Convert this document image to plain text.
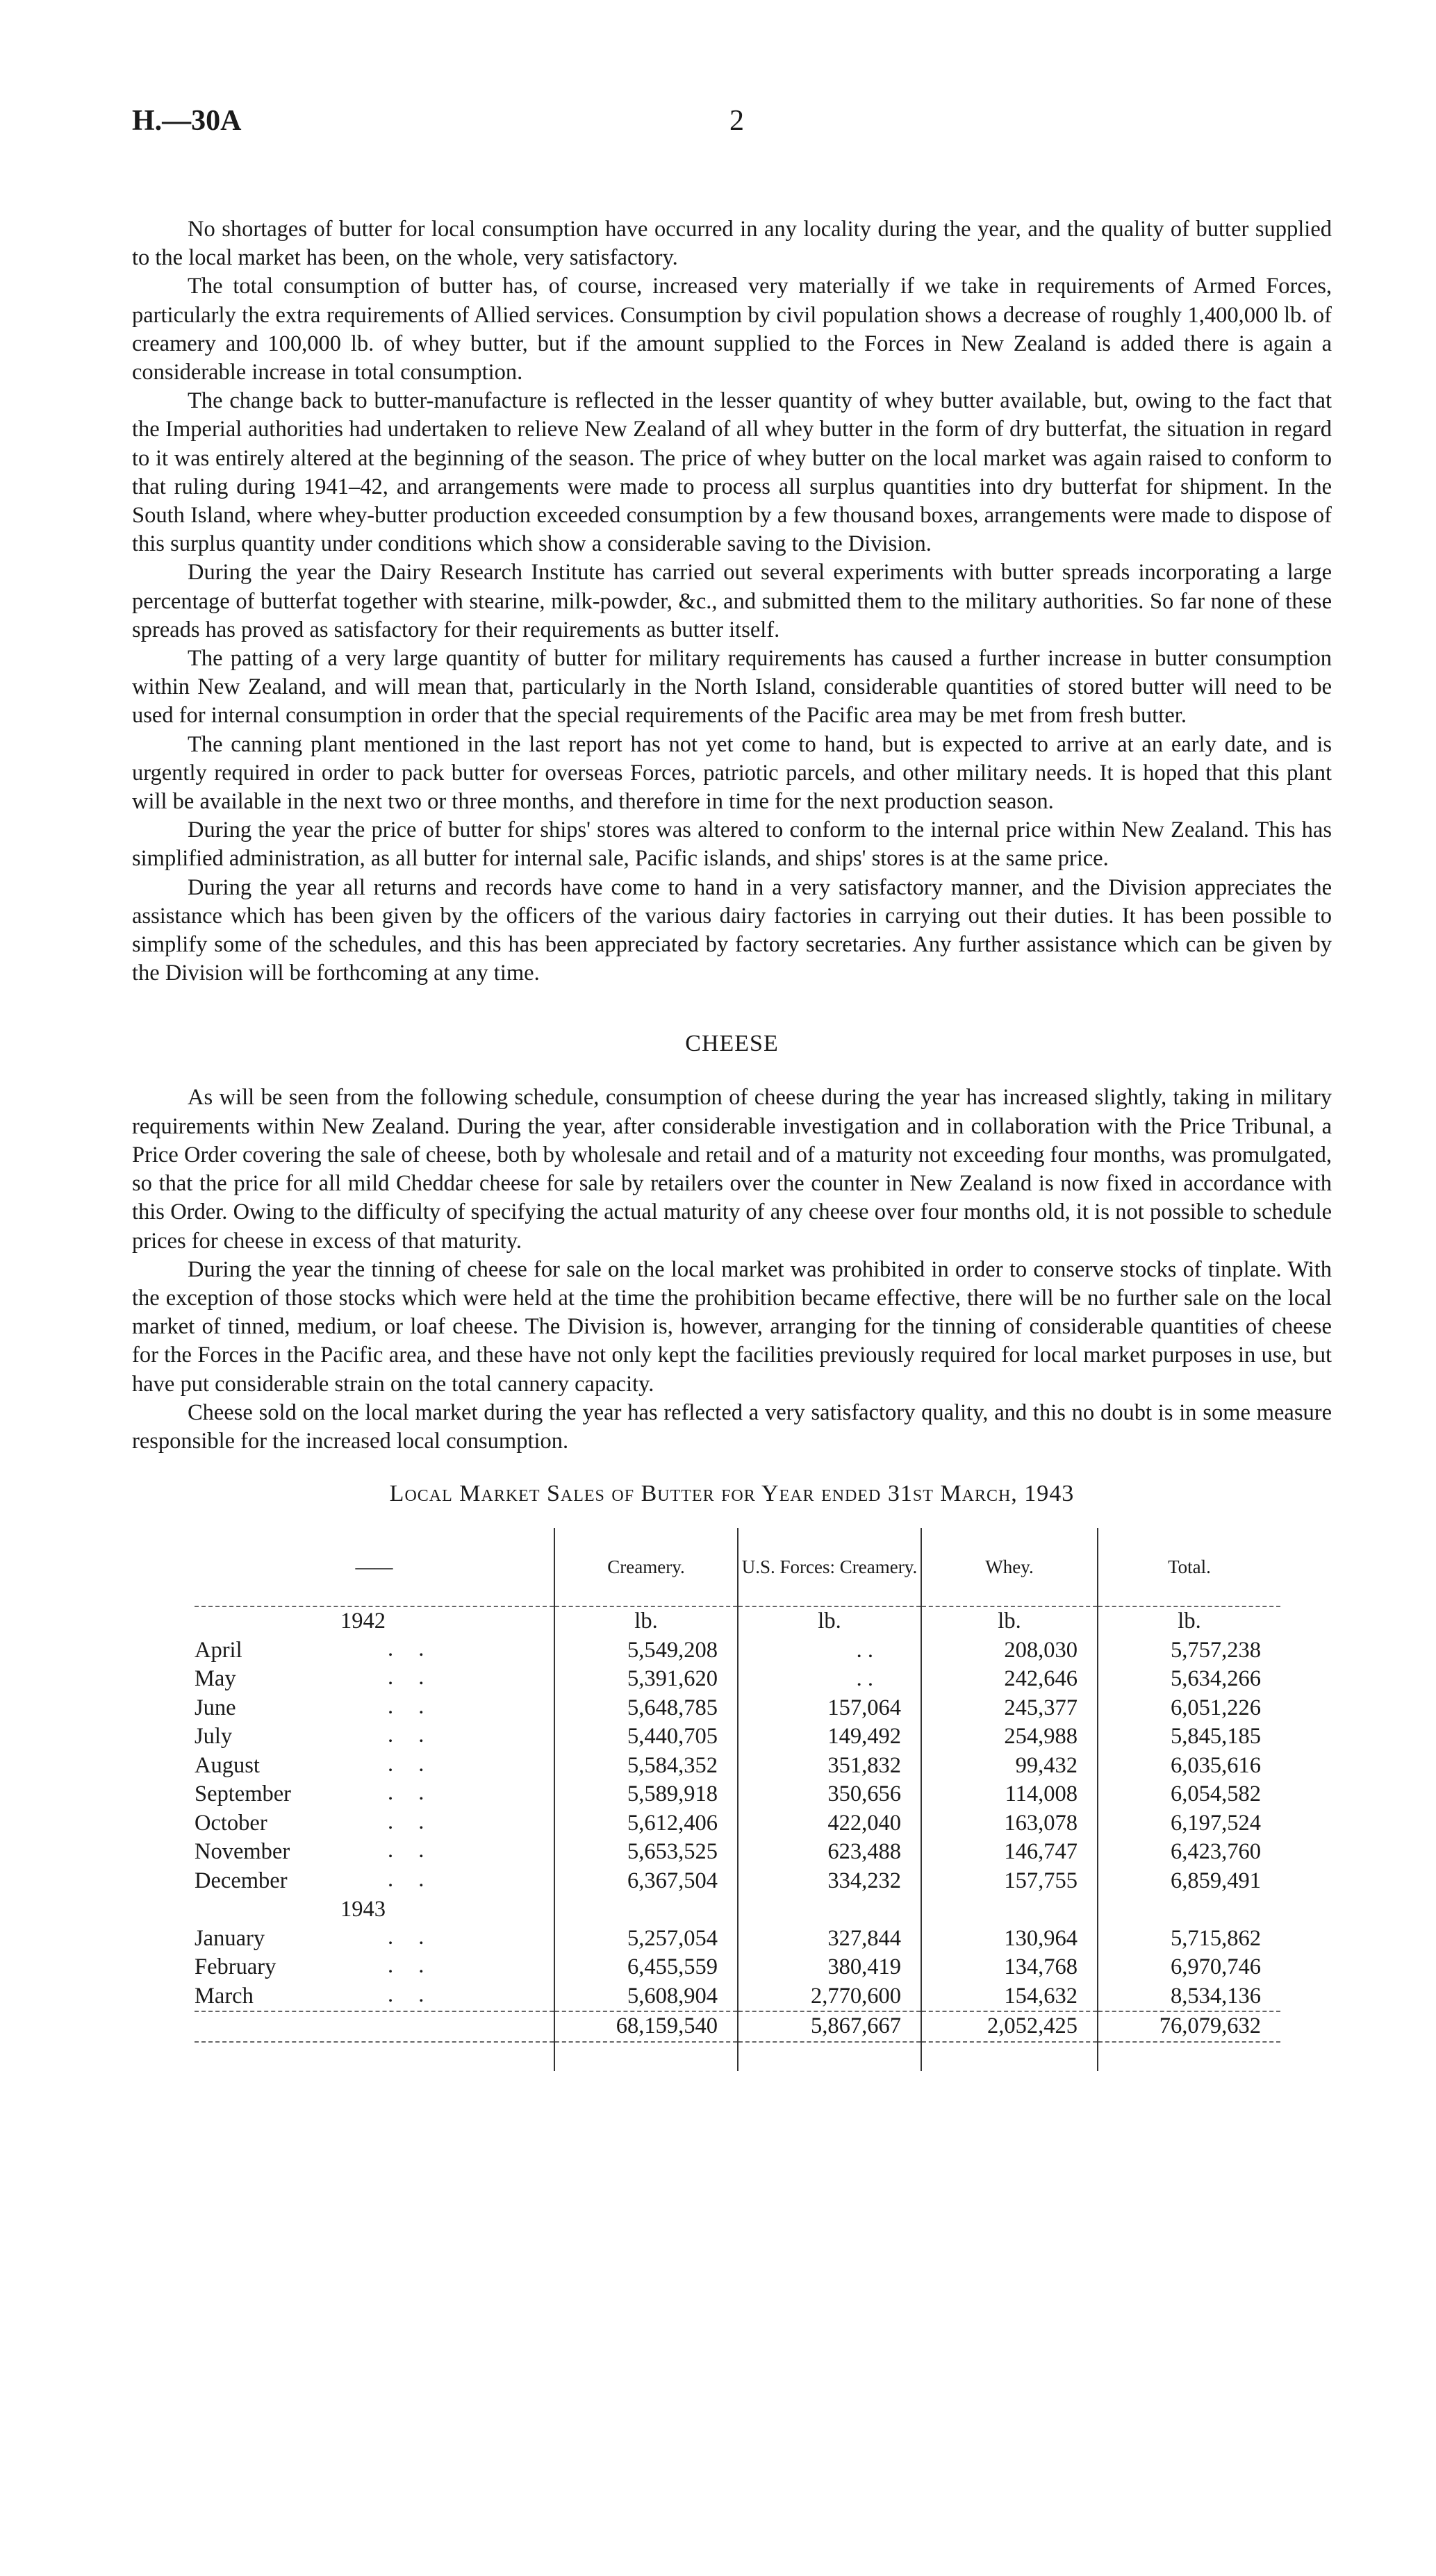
H.—30A	2

No shortages of butter for local consumption have occurred in any locality during the year, and the quality of butter supplied to the local market has been, on the whole, very satisfactory.

The total consumption of butter has, of course, increased very materially if we take in requirements of Armed Forces, particularly the extra requirements of Allied services. Consumption by civil population shows a decrease of roughly 1,400,000 lb. of creamery and 100,000 lb. of whey butter, but if the amount supplied to the Forces in New Zealand is added there is again a considerable increase in total consumption.

The change back to butter-manufacture is reflected in the lesser quantity of whey butter available, but, owing to the fact that the Imperial authorities had undertaken to relieve New Zealand of all whey butter in the form of dry butterfat, the situation in regard to it was entirely altered at the beginning of the season. The price of whey butter on the local market was again raised to conform to that ruling during 1941–42, and arrangements were made to process all surplus quantities into dry butterfat for shipment. In the South Island, where whey-butter production exceeded consumption by a few thousand boxes, arrangements were made to dispose of this surplus quantity under conditions which show a considerable saving to the Division.

During the year the Dairy Research Institute has carried out several experiments with butter spreads incorporating a large percentage of butterfat together with stearine, milk-powder, &c., and submitted them to the military authorities. So far none of these spreads has proved as satisfactory for their requirements as butter itself.

The patting of a very large quantity of butter for military requirements has caused a further increase in butter consumption within New Zealand, and will mean that, particularly in the North Island, considerable quantities of stored butter will need to be used for internal consumption in order that the special requirements of the Pacific area may be met from fresh butter.

The canning plant mentioned in the last report has not yet come to hand, but is expected to arrive at an early date, and is urgently required in order to pack butter for overseas Forces, patriotic parcels, and other military needs. It is hoped that this plant will be available in the next two or three months, and therefore in time for the next production season.

During the year the price of butter for ships' stores was altered to conform to the internal price within New Zealand. This has simplified administration, as all butter for internal sale, Pacific islands, and ships' stores is at the same price.

During the year all returns and records have come to hand in a very satisfactory manner, and the Division appreciates the assistance which has been given by the officers of the various dairy factories in carrying out their duties. It has been possible to simplify some of the schedules, and this has been appreciated by factory secretaries. Any further assistance which can be given by the Division will be forthcoming at any time.

CHEESE

As will be seen from the following schedule, consumption of cheese during the year has increased slightly, taking in military requirements within New Zealand. During the year, after considerable investigation and in collaboration with the Price Tribunal, a Price Order covering the sale of cheese, both by wholesale and retail and of a maturity not exceeding four months, was promulgated, so that the price for all mild Cheddar cheese for sale by retailers over the counter in New Zealand is now fixed in accordance with this Order. Owing to the difficulty of specifying the actual maturity of any cheese over four months old, it is not possible to schedule prices for cheese in excess of that maturity.

During the year the tinning of cheese for sale on the local market was prohibited in order to conserve stocks of tinplate. With the exception of those stocks which were held at the time the prohibition became effective, there will be no further sale on the local market of tinned, medium, or loaf cheese. The Division is, however, arranging for the tinning of considerable quantities of cheese for the Forces in the Pacific area, and these have not only kept the facilities previously required for local market purposes in use, but have put considerable strain on the total cannery capacity.

Cheese sold on the local market during the year has reflected a very satisfactory quality, and this no doubt is in some measure responsible for the increased local consumption.

Local Market Sales of Butter for Year ended 31st March, 1943
——	Creamery.	U.S. Forces: Creamery.	Whey.	Total.
1942	lb.	lb.	lb.	lb.
April . .	5,549,208	. .	208,030	5,757,238
May . .	5,391,620	. .	242,646	5,634,266
June . .	5,648,785	157,064	245,377	6,051,226
July . .	5,440,705	149,492	254,988	5,845,185
August . .	5,584,352	351,832	99,432	6,035,616
September . .	5,589,918	350,656	114,008	6,054,582
October . .	5,612,406	422,040	163,078	6,197,524
November . .	5,653,525	623,488	146,747	6,423,760
December . .	6,367,504	334,232	157,755	6,859,491
1943				
January . .	5,257,054	327,844	130,964	5,715,862
February . .	6,455,559	380,419	134,768	6,970,746
March . .	5,608,904	2,770,600	154,632	8,534,136
	68,159,540	5,867,667	2,052,425	76,079,632
